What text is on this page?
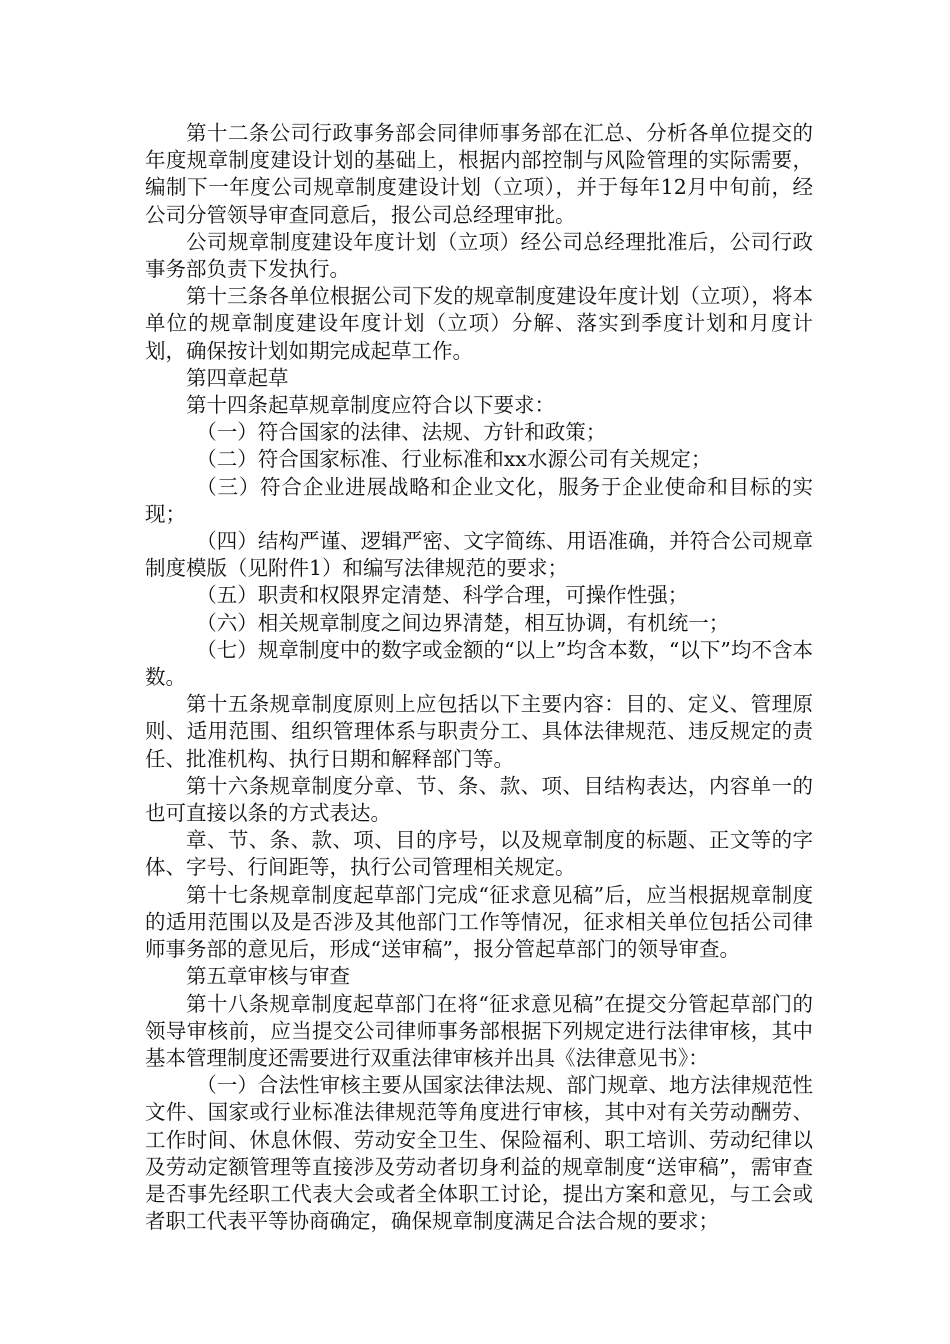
第十二条公司行政事务部会同律师事务部在汇总、分析各单位提交的年度规章制度建设计划的基础上，根据内部控制与风险管理的实际需要，编制下一年度公司规章制度建设计划（立项），并于每年12月中旬前，经公司分管领导审查同意后，报公司总经理审批。

公司规章制度建设年度计划（立项）经公司总经理批准后，公司行政事务部负责下发执行。

第十三条各单位根据公司下发的规章制度建设年度计划（立项），将本单位的规章制度建设年度计划（立项）分解、落实到季度计划和月度计划，确保按计划如期完成起草工作。

第四章起草

第十四条起草规章制度应符合以下要求：

（一）符合国家的法律、法规、方针和政策；

（二）符合国家标准、行业标准和xx水源公司有关规定；

（三）符合企业进展战略和企业文化，服务于企业使命和目标的实现；

（四）结构严谨、逻辑严密、文字简练、用语准确，并符合公司规章制度模版（见附件1）和编写法律规范的要求；

（五）职责和权限界定清楚、科学合理，可操作性强；

（六）相关规章制度之间边界清楚，相互协调，有机统一；

（七）规章制度中的数字或金额的“以上”均含本数，“以下”均不含本数。

第十五条规章制度原则上应包括以下主要内容：目的、定义、管理原则、适用范围、组织管理体系与职责分工、具体法律规范、违反规定的责任、批准机构、执行日期和解释部门等。

第十六条规章制度分章、节、条、款、项、目结构表达，内容单一的也可直接以条的方式表达。

章、节、条、款、项、目的序号，以及规章制度的标题、正文等的字体、字号、行间距等，执行公司管理相关规定。

第十七条规章制度起草部门完成“征求意见稿”后，应当根据规章制度的适用范围以及是否涉及其他部门工作等情况，征求相关单位包括公司律师事务部的意见后，形成“送审稿”，报分管起草部门的领导审查。

第五章审核与审查

第十八条规章制度起草部门在将“征求意见稿”在提交分管起草部门的领导审核前，应当提交公司律师事务部根据下列规定进行法律审核，其中基本管理制度还需要进行双重法律审核并出具《法律意见书》：

（一）合法性审核主要从国家法律法规、部门规章、地方法律规范性文件、国家或行业标准法律规范等角度进行审核，其中对有关劳动酬劳、工作时间、休息休假、劳动安全卫生、保险福利、职工培训、劳动纪律以及劳动定额管理等直接涉及劳动者切身利益的规章制度“送审稿”，需审查是否事先经职工代表大会或者全体职工讨论，提出方案和意见，与工会或者职工代表平等协商确定，确保规章制度满足合法合规的要求；
